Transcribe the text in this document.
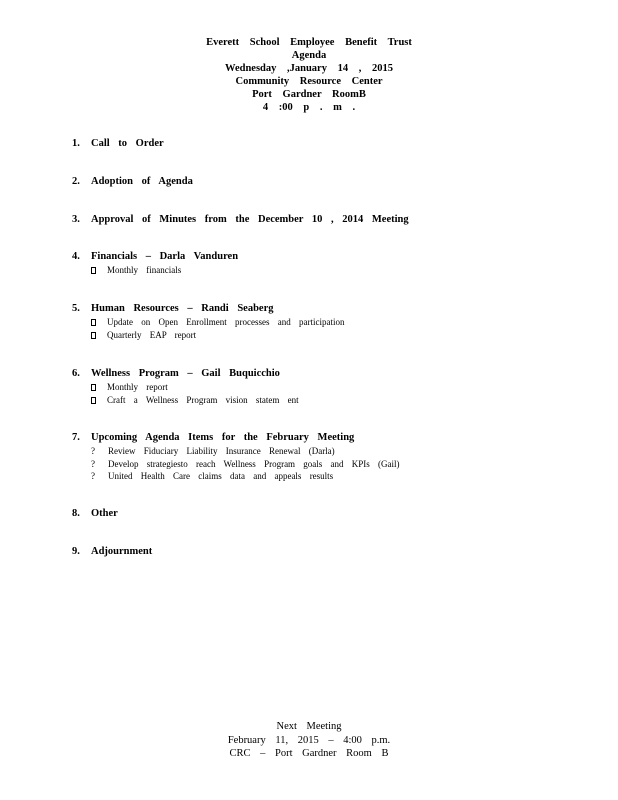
Everett School Employee Benefit Trust
Agenda
Wednesday ,January 14 , 2015
Community Resource Center
Port Gardner RoomB
4 :00 p . m .
1. Call to Order
2. Adoption of Agenda
3. Approval of Minutes from the December 10 , 2014 Meeting
4. Financials – Darla Vanduren
Monthly financials
5. Human Resources – Randi Seaberg
Update on Open Enrollment processes and participation
Quarterly EAP report
6. Wellness Program – Gail Buquicchio
Monthly report
Craft a Wellness Program vision statem ent
7. Upcoming Agenda Items for the February Meeting
? Review Fiduciary Liability Insurance Renewal (Darla)
? Develop strategiesto reach Wellness Program goals and KPIs (Gail)
? United Health Care claims data and appeals results
8. Other
9. Adjournment
Next Meeting
February 11, 2015 – 4:00 p.m.
CRC – Port Gardner Room B
